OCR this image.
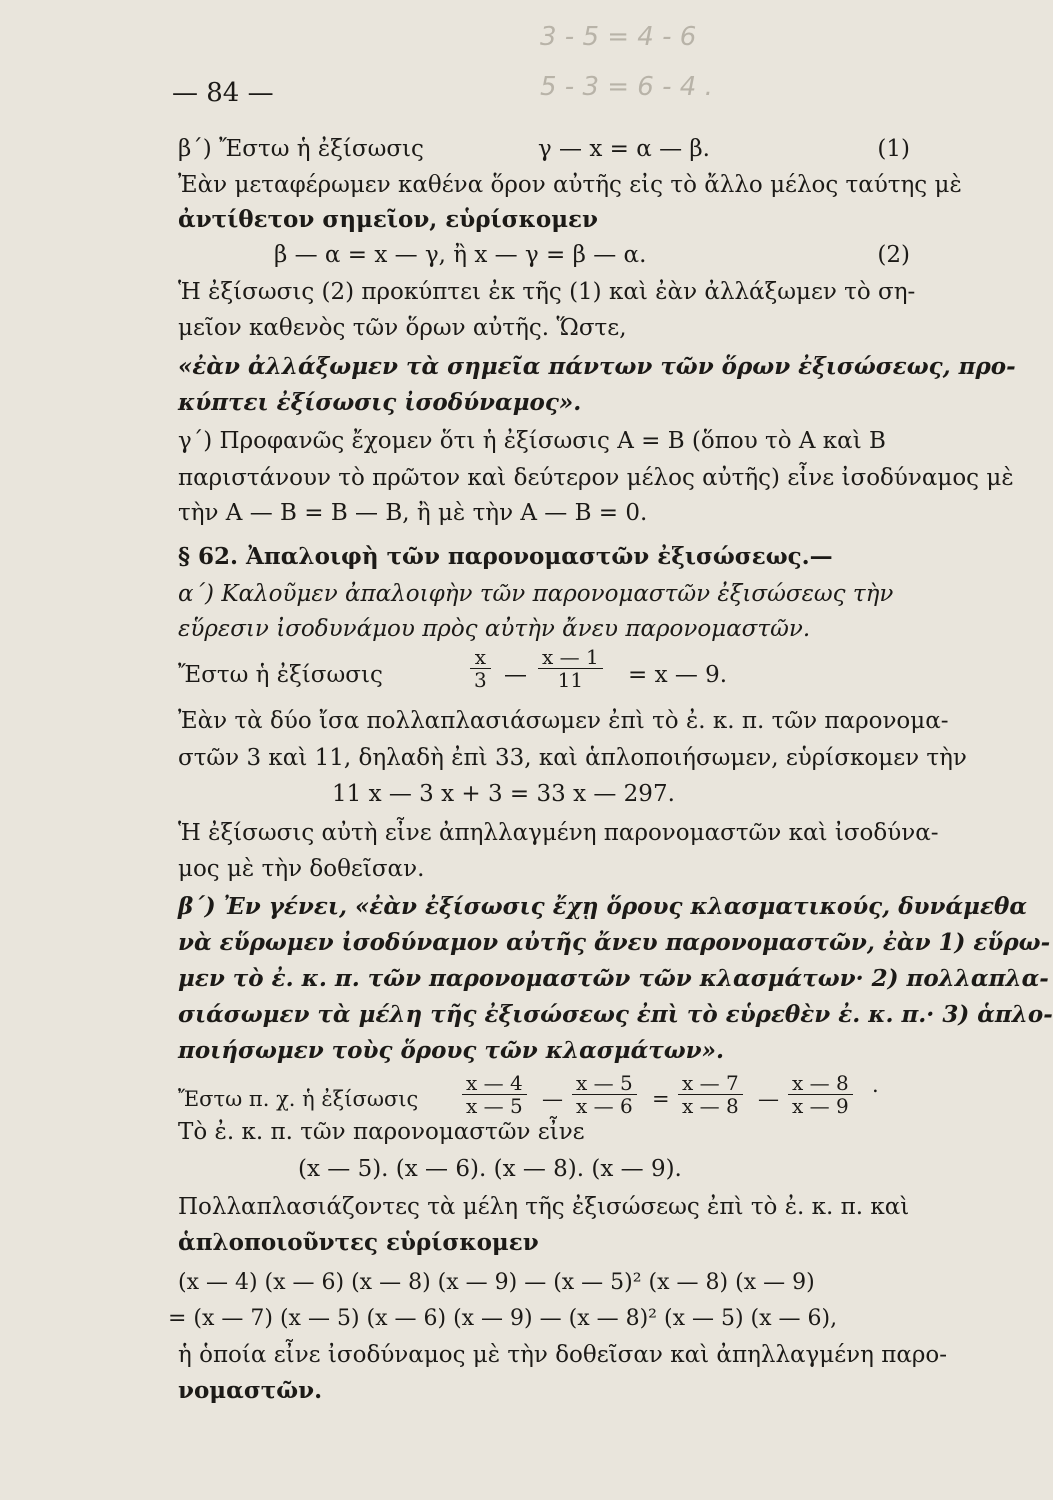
— 84 —
3 - 5 = 4 - 6
5 - 3 = 6 - 4 .
β΄) Ἔστω ἡ ἐξίσωσις	γ — x = α — β.	(1)
Ἐὰν μεταφέρωμεν καθένα ὅρον αὐτῆς εἰς τὸ ἄλλο μέλος ταύτης μὲ
ἀντίθετον σημεῖον, εὑρίσκομεν
β — α = x — γ, ἢ x — γ = β — α.	(2)
Ἡ ἐξίσωσις (2) προκύπτει ἐκ τῆς (1) καὶ ἐὰν ἀλλάξωμεν τὸ ση-
μεῖον καθενὸς τῶν ὅρων αὐτῆς. Ὥστε,
«ἐὰν ἀλλάξωμεν τὰ σημεῖα πάντων τῶν ὅρων ἐξισώσεως, προ-
κύπτει ἐξίσωσις ἰσοδύναμος».
γ΄) Προφανῶς ἔχομεν ὅτι ἡ ἐξίσωσις Α = Β (ὅπου τὸ Α καὶ Β
παριστάνουν τὸ πρῶτον καὶ δεύτερον μέλος αὐτῆς) εἶνε ἰσοδύναμος μὲ
τὴν Α — Β = Β — Β, ἢ μὲ τὴν Α — Β = 0.
§ 62. Ἀπαλοιφὴ τῶν παρονομαστῶν ἐξισώσεως.—
α΄) Καλοῦμεν ἀπαλοιφὴν τῶν παρονομαστῶν ἐξισώσεως τὴν
εὕρεσιν ἰσοδυνάμου πρὸς αὐτὴν ἄνευ παρονομαστῶν.
Ἔστω ἡ ἐξίσωσις	$\frac{x}{3}$ — $\frac{x — 1}{11} = x$ — 9.
Ἐὰν τὰ δύο ἴσα πολλαπλασιάσωμεν ἐπὶ τὸ ἐ. κ. π. τῶν παρονομα-
στῶν 3 καὶ 11, δηλαδὴ ἐπὶ 33, καὶ ἁπλοποιήσωμεν, εὑρίσκομεν τὴν
11 x — 3 x + 3 = 33 x — 297.
Ἡ ἐξίσωσις αὐτὴ εἶνε ἀπηλλαγμένη παρονομαστῶν καὶ ἰσοδύνα-
μος μὲ τὴν δοθεῖσαν.
β΄) Ἐν γένει, «ἐὰν ἐξίσωσις ἔχῃ ὅρους κλασματικούς, δυνάμεθα
νὰ εὕρωμεν ἰσοδύναμον αὐτῆς ἄνευ παρονομαστῶν, ἐὰν 1) εὕρω-
μεν τὸ ἐ. κ. π. τῶν παρονομαστῶν τῶν κλασμάτων· 2) πολλαπλα-
σιάσωμεν τὰ μέλη τῆς ἐξισώσεως ἐπὶ τὸ εὑρεθὲν ἐ. κ. π.· 3) ἁπλο-
ποιήσωμεν τοὺς ὅρους τῶν κλασμάτων».
Ἔστω π. χ. ἡ ἐξίσωσις $\frac{x — 4}{x — 5}$ — $\frac{x — 5}{x — 6} = \frac{x — 7}{x — 8}$ — $\frac{x — 8}{x — 9}$ .
Τὸ ἐ. κ. π. τῶν παρονομαστῶν εἶνε
(x — 5). (x — 6). (x — 8). (x — 9).
Πολλαπλασιάζοντες τὰ μέλη τῆς ἐξισώσεως ἐπὶ τὸ ἐ. κ. π. καὶ
ἁπλοποιοῦντες εὑρίσκομεν
(x — 4) (x — 6) (x — 8) (x — 9) — (x — 5)² (x — 8) (x — 9)
= (x — 7) (x — 5) (x — 6) (x — 9) — (x — 8)² (x — 5) (x — 6),
ἡ ὁποία εἶνε ἰσοδύναμος μὲ τὴν δοθεῖσαν καὶ ἀπηλλαγμένη παρο-
νομαστῶν.
